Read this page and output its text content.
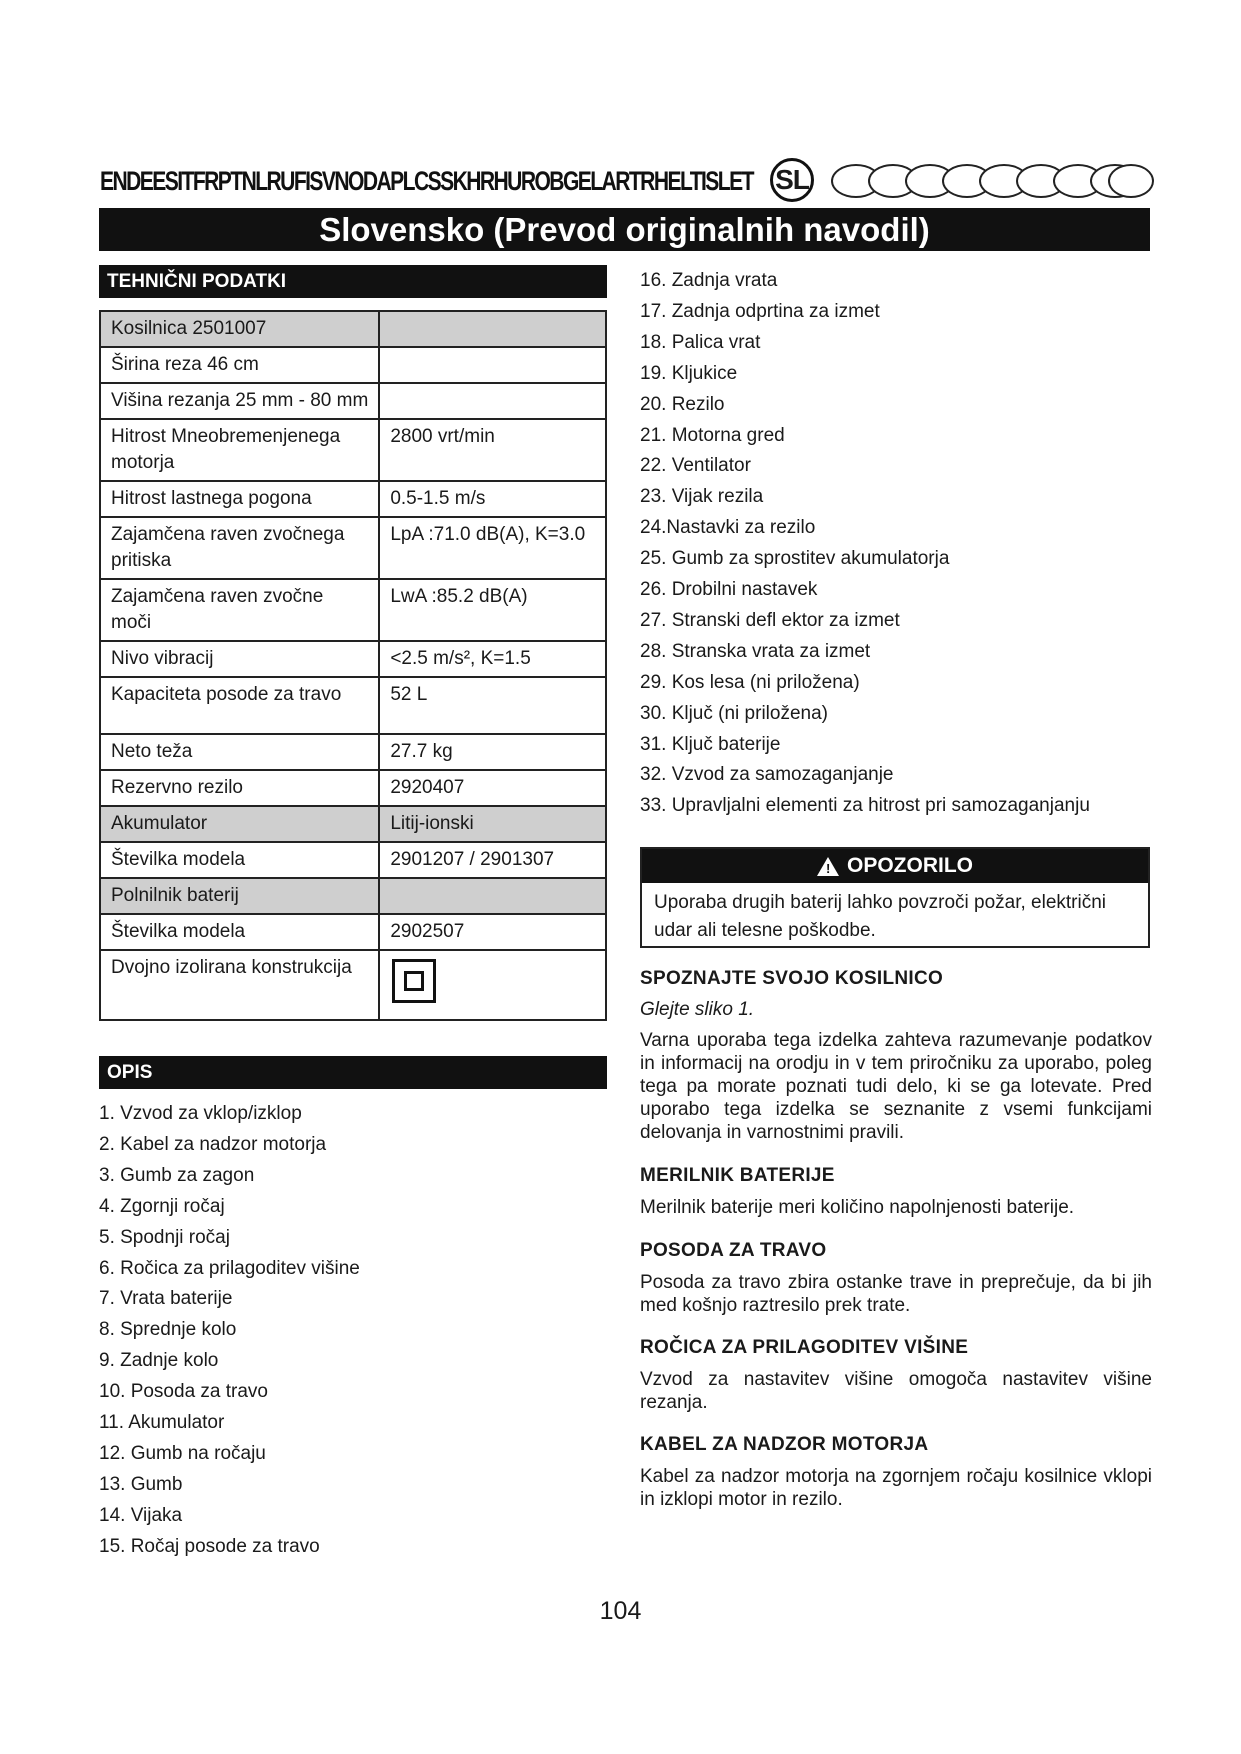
ENDEESITFRPTNLRUFISVNODAPLCSSKHRHUROBGELARTRHELTISLET SL
Slovensko (Prevod originalnih navodil)
TEHNIČNI PODATKI
Kosilnica 2501007	
Širina reza 46 cm	
Višina rezanja 25 mm - 80 mm	
Hitrost Mneobremenjenega motorja	2800 vrt/min
Hitrost lastnega pogona	0.5-1.5 m/s
Zajamčena raven zvočnega pritiska	LpA :71.0 dB(A), K=3.0
Zajamčena raven zvočne moči	LwA :85.2 dB(A)
Nivo vibracij	<2.5 m/s², K=1.5
Kapaciteta posode za travo	52 L
Neto teža	27.7 kg
Rezervno rezilo	2920407
Akumulator	Litij-ionski
Številka modela	2901207 / 2901307
Polnilnik baterij	
Številka modela	2902507
Dvojno izolirana konstrukcija	
OPIS
1. Vzvod za vklop/izklop
2. Kabel za nadzor motorja
3. Gumb za zagon
4. Zgornji ročaj
5. Spodnji ročaj
6. Ročica za prilagoditev višine
7. Vrata baterije
8. Sprednje kolo
9. Zadnje kolo
10. Posoda za travo
11. Akumulator
12. Gumb na ročaju
13. Gumb
14. Vijaka
15. Ročaj posode za travo
16. Zadnja vrata
17. Zadnja odprtina za izmet
18. Palica vrat
19. Kljukice
20. Rezilo
21. Motorna gred
22. Ventilator
23. Vijak rezila
24.Nastavki za rezilo
25. Gumb za sprostitev akumulatorja
26. Drobilni nastavek
27. Stranski defl ektor za izmet
28. Stranska vrata za izmet
29. Kos lesa (ni priložena)
30. Ključ (ni priložena)
31. Ključ baterije
32. Vzvod za samozaganjanje
33. Upravljalni elementi za hitrost pri samozaganjanju
! OPOZORILO
Uporaba drugih baterij lahko povzroči požar, električni udar ali telesne poškodbe.
SPOZNAJTE SVOJO KOSILNICO

Glejte sliko 1.

Varna uporaba tega izdelka zahteva razumevanje podatkov in informacij na orodju in v tem priročniku za uporabo, poleg tega pa morate poznati tudi delo, ki se ga lotevate. Pred uporabo tega izdelka se seznanite z vsemi funkcijami delovanja in varnostnimi pravili.

MERILNIK BATERIJE

Merilnik baterije meri količino napolnjenosti baterije.

POSODA ZA TRAVO

Posoda za travo zbira ostanke trave in preprečuje, da bi jih med košnjo raztresilo prek trate.

ROČICA ZA PRILAGODITEV VIŠINE

Vzvod za nastavitev višine omogoča nastavitev višine rezanja.

KABEL ZA NADZOR MOTORJA

Kabel za nadzor motorja na zgornjem ročaju kosilnice vklopi in izklopi motor in rezilo.

104
